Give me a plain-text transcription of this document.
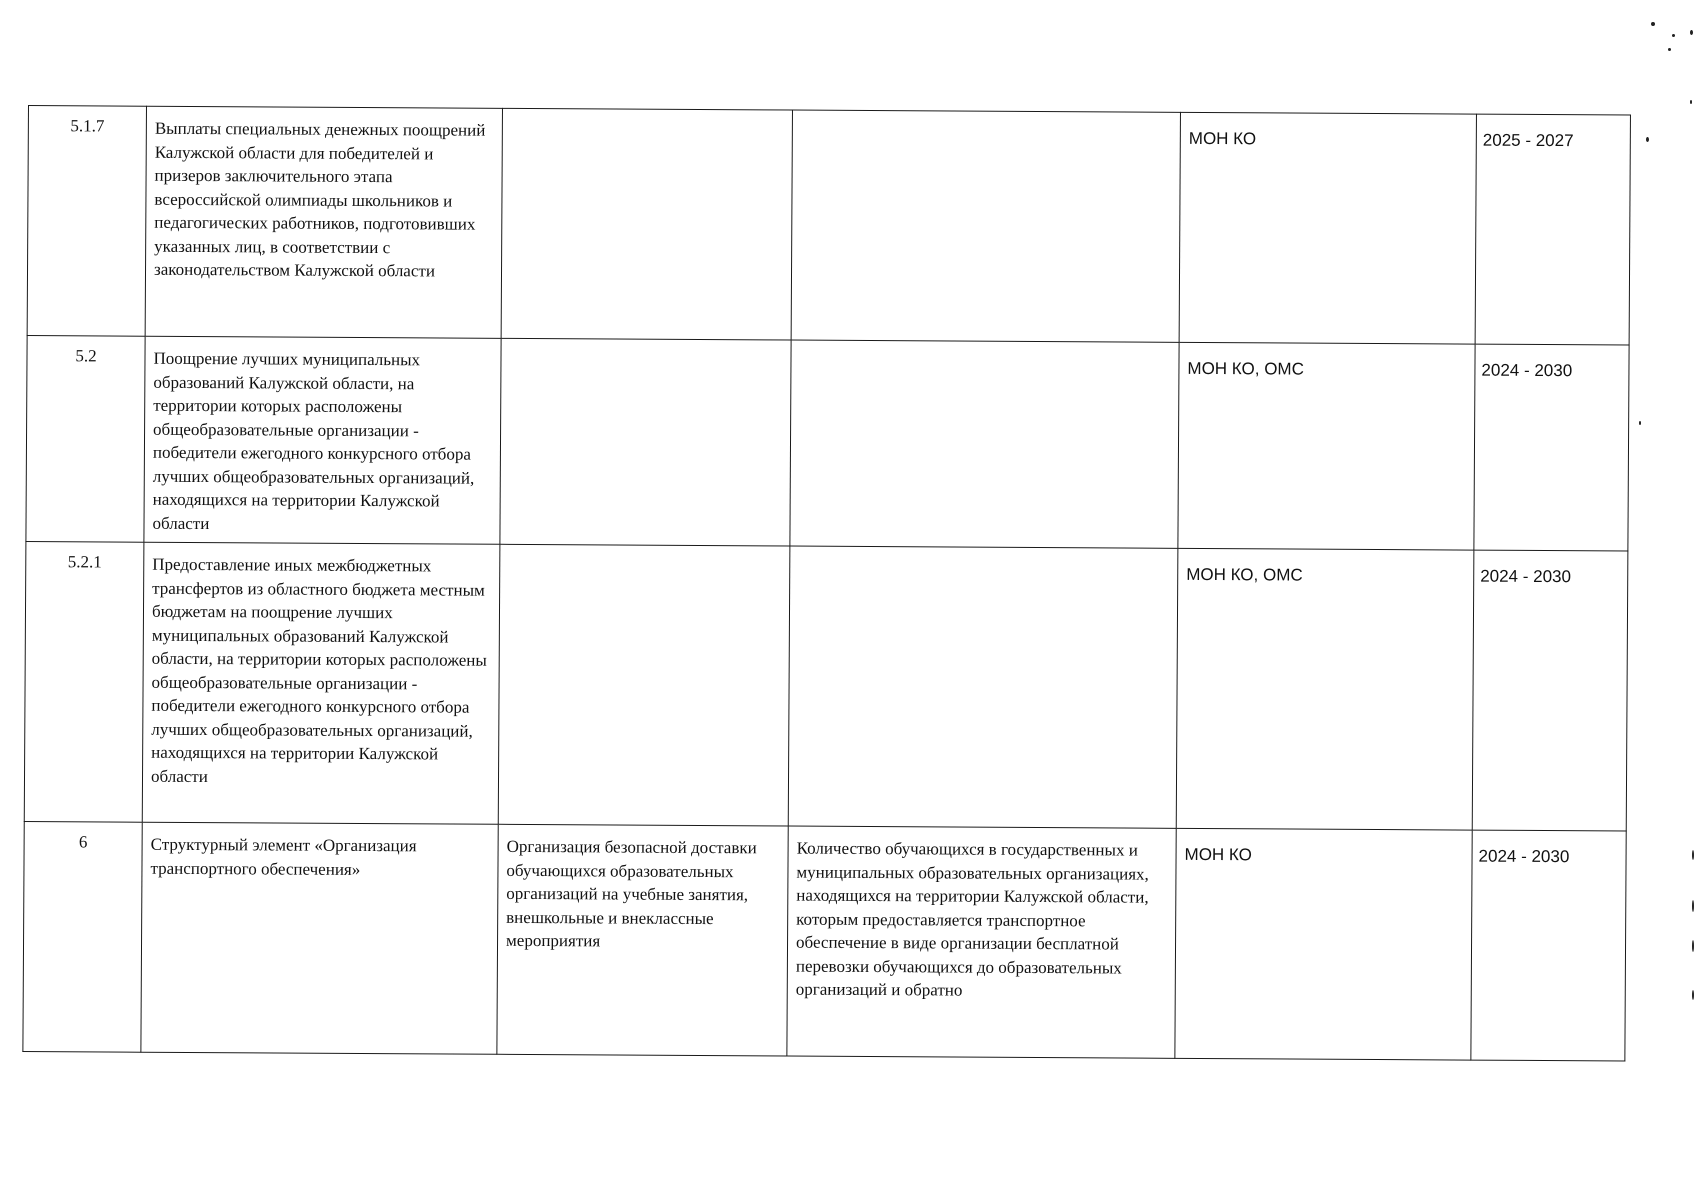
5.1.7	Выплаты специальных денежных поощрений Калужской области для победителей и призеров заключительного этапа всероссийской олимпиады школьников и педагогических работников, подготовивших указанных лиц, в соответствии с законодательством Калужской области			МОН КО	2025 - 2027
5.2	Поощрение лучших муниципальных образований Калужской области, на территории которых расположены общеобразовательные организации - победители ежегодного конкурсного отбора лучших общеобразовательных организаций, находящихся на территории Калужской области			МОН КО, ОМС	2024 - 2030
5.2.1	Предоставление иных межбюджетных трансфертов из областного бюджета местным бюджетам на поощрение лучших муниципальных образований Калужской области, на территории которых расположены общеобразовательные организации - победители ежегодного конкурсного отбора лучших общеобразовательных организаций, находящихся на территории Калужской области			МОН КО, ОМС	2024 - 2030
6	Структурный элемент «Организация транспортного обеспечения»	Организация безопасной доставки обучающихся образовательных организаций на учебные занятия, внешкольные и внеклассные мероприятия	Количество обучающихся в государственных и муниципальных образовательных организациях, находящихся на территории Калужской области, которым предоставляется транспортное обеспечение в виде организации бесплатной перевозки обучающихся до образовательных организаций и обратно	МОН КО	2024 - 2030
